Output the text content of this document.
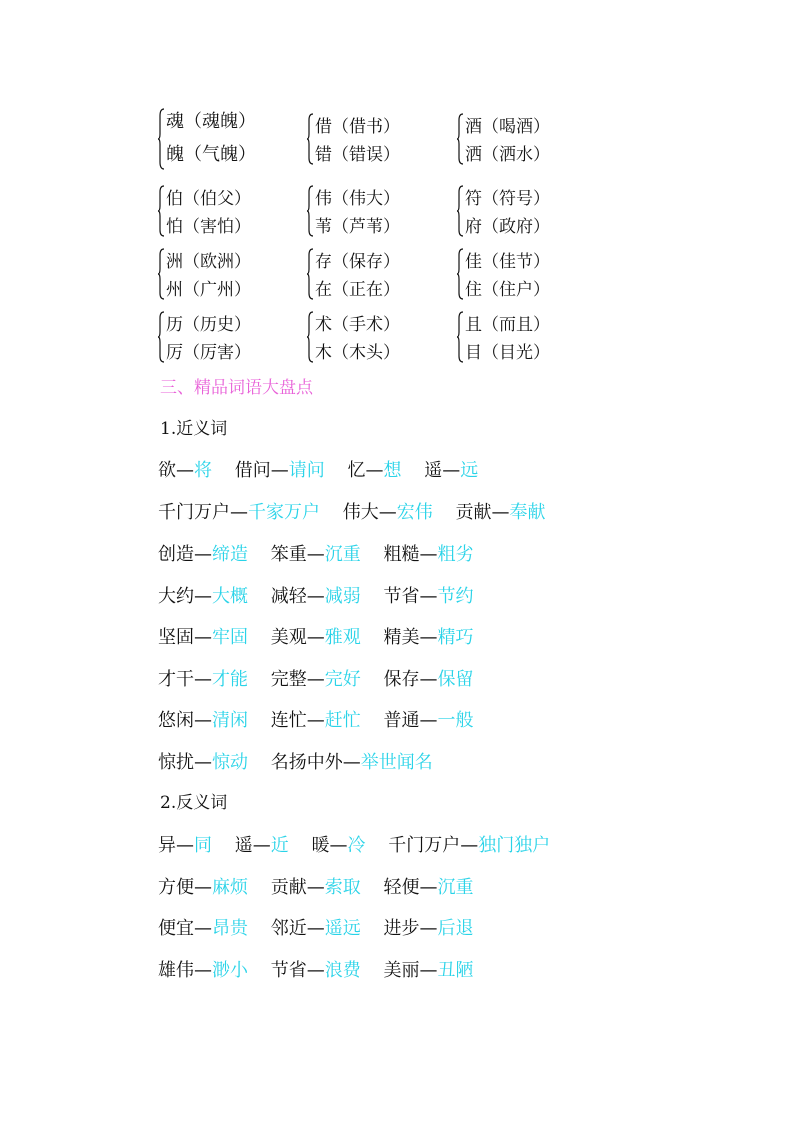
魂（魂魄）
魄（气魄）
借（借书）
错（错误）
酒（喝酒）
洒（洒水）
伯（伯父）
怕（害怕）
伟（伟大）
苇（芦苇）
符（符号）
府（政府）
洲（欧洲）
州（广州）
存（保存）
在（正在）
佳（佳节）
住（住户）
历（历史）
厉（厉害）
术（手术）
木（木头）
且（而且）
目（目光）
三、精品词语大盘点
1.近义词
欲—将 借问—请问 忆—想 遥—远
千门万户—千家万户 伟大—宏伟 贡献—奉献
创造—缔造 笨重—沉重 粗糙—粗劣
大约—大概 减轻—减弱 节省—节约
坚固—牢固 美观—雅观 精美—精巧
才干—才能 完整—完好 保存—保留
悠闲—清闲 连忙—赶忙 普通—一般
惊扰—惊动 名扬中外—举世闻名
2.反义词
异—同 遥—近 暖—冷 千门万户—独门独户
方便—麻烦 贡献—索取 轻便—沉重
便宜—昂贵 邻近—遥远 进步—后退
雄伟—渺小 节省—浪费 美丽—丑陋
